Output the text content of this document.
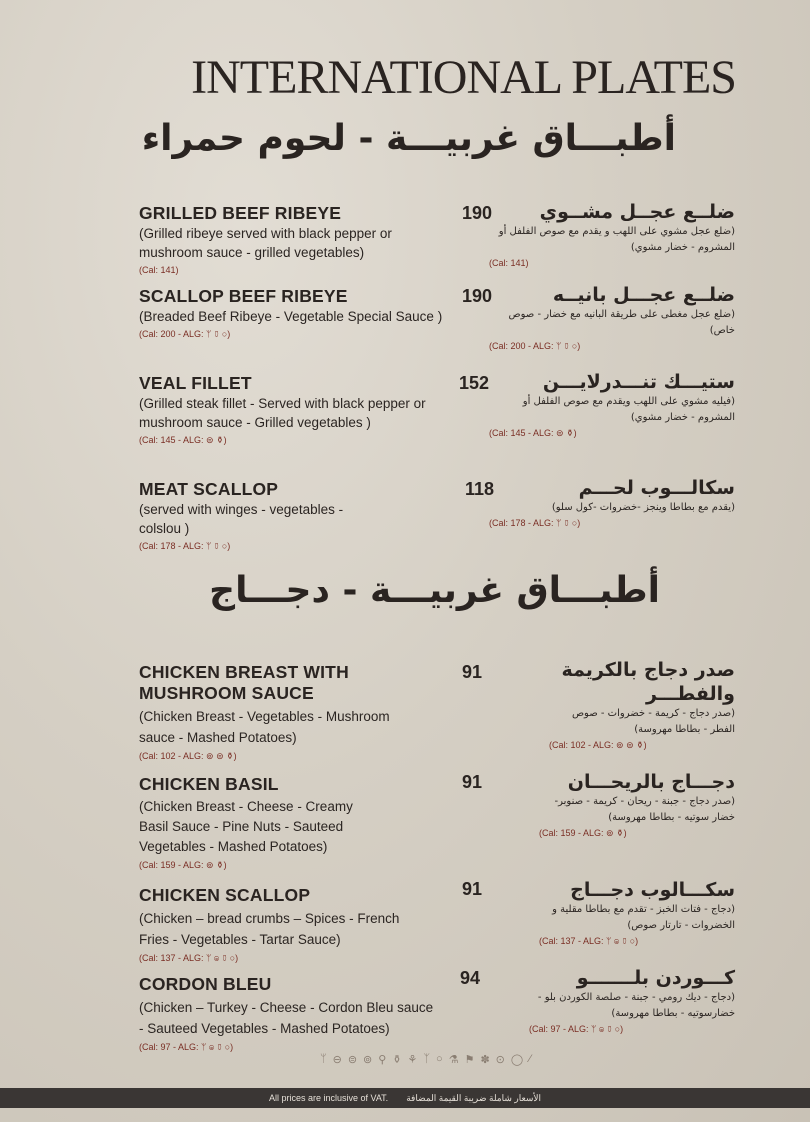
INTERNATIONAL PLATES
أطبـــاق غربيـــة - لحوم حمراء
GRILLED BEEF RIBEYE
(Grilled ribeye served with black pepper or mushroom sauce - grilled vegetables)
(Cal: 141)
190	ضلــع عجــل مشــوي
(ضلع عجل مشوي على اللهب و يقدم مع صوص الفلفل أو المشروم - خضار مشوي)
(Cal: 141)
SCALLOP BEEF RIBEYE
(Breaded Beef Ribeye - Vegetable Special Sauce )
(Cal: 200 - ALG: ᛘ ⚱ ○)
190	ضلــع عجـــل بانيــه
(ضلع عجل مغطى على طريقة البانيه مع خضار - صوص خاص)
(Cal: 200 - ALG: ᛘ ⚱ ○)
VEAL FILLET
(Grilled steak fillet - Served with black pepper or mushroom sauce - Grilled vegetables )
(Cal: 145 - ALG: ⊜ ⚱)
152	ستيـــك تنـــدرلايـــن
(فيليه مشوي على اللهب ويقدم مع صوص الفلفل أو المشروم - خضار مشوي)
(Cal: 145 - ALG: ⊜ ⚱)
MEAT SCALLOP
(served with winges - vegetables - colslou )
(Cal: 178 - ALG: ᛘ ⚱ ○)
118	سكالـــوب لحـــم
(يقدم مع بطاطا وينجز -خضروات -كول سلو)
(Cal: 178 - ALG: ᛘ ⚱ ○)
أطبـــاق غربيـــة - دجـــاج
CHICKEN BREAST WITH MUSHROOM SAUCE
(Chicken Breast - Vegetables - Mushroom sauce - Mashed Potatoes)
(Cal: 102 - ALG: ⊚ ⊜ ⚱)
91	صدر دجاج بالكريمة والفطـــر
(صدر دجاج - كريمة - خضروات - صوص الفطر - بطاطا مهروسة)
(Cal: 102 - ALG: ⊚ ⊜ ⚱)
CHICKEN BASIL
(Chicken Breast - Cheese - Creamy Basil Sauce - Pine Nuts - Sauteed Vegetables - Mashed Potatoes)
(Cal: 159 - ALG: ⊚ ⚱)
91	دجـــاج بالريحـــان
(صدر دجاج - جبنة - ريحان - كريمة - صنوبر- خضار سوتيه - بطاطا مهروسة)
(Cal: 159 - ALG: ⊚ ⚱)
CHICKEN SCALLOP
(Chicken – bread crumbs – Spices - French Fries - Vegetables - Tartar Sauce)
(Cal: 137 - ALG: ᛘ ⊜ ⚱ ○)
91	سكـــالوب دجـــاج
(دجاج - فتات الخبز - تقدم مع بطاطا مقلية و الخضروات - تارتار صوص)
(Cal: 137 - ALG: ᛘ ⊜ ⚱ ○)
CORDON BLEU
(Chicken – Turkey - Cheese - Cordon Bleu sauce - Sauteed Vegetables - Mashed Potatoes)
(Cal: 97 - ALG: ᛘ ⊜ ⚱ ○)
94	كـــوردن بلـــــــو
(دجاج - ديك رومي - جبنة - صلصة الكوردن بلو - خضارسوتيه - بطاطا مهروسة)
(Cal: 97 - ALG: ᛘ ⊜ ⚱ ○)
ᛘ ⊖ ⊜ ⊚ ⚲ ⚱ ⚘ ᛉ ○ ⚗ ⚑ ✽ ⊙ ◯ ⁄
All prices are inclusive of VAT. الأسعار شاملة ضريبة القيمة المضافة
